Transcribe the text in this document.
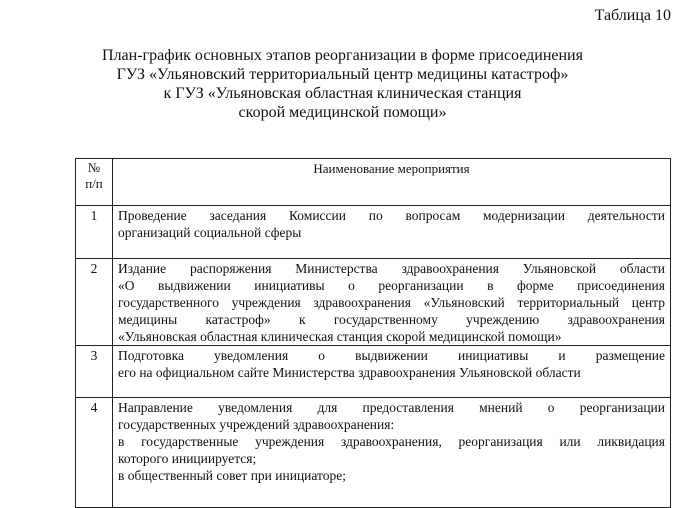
Таблица 10
План-график основных этапов реорганизации в форме присоединения
ГУЗ «Ульяновский территориальный центр медицины катастроф»
к ГУЗ «Ульяновская областная клиническая станция
скорой медицинской помощи»
№
п/п	Наименование мероприятия
1	Проведение заседания Комиссии по вопросам модернизации деятельности
организаций социальной сферы

2	Издание распоряжения Министерства здравоохранения Ульяновской области
«О выдвижении инициативы о реорганизации в форме присоединения
государственного учреждения здравоохранения «Ульяновский территориальный центр
медицины катастроф» к государственному учреждению здравоохранения
«Ульяновская областная клиническая станция скорой медицинской помощи»

3	Подготовка уведомления о выдвижении инициативы и размещение
его на официальном сайте Министерства здравоохранения Ульяновской области

4	Направление уведомления для предоставления мнений о реорганизации
государственных учреждений здравоохранения:
в государственные учреждения здравоохранения, реорганизация или ликвидация
которого инициируется;
в общественный совет при инициаторе;
